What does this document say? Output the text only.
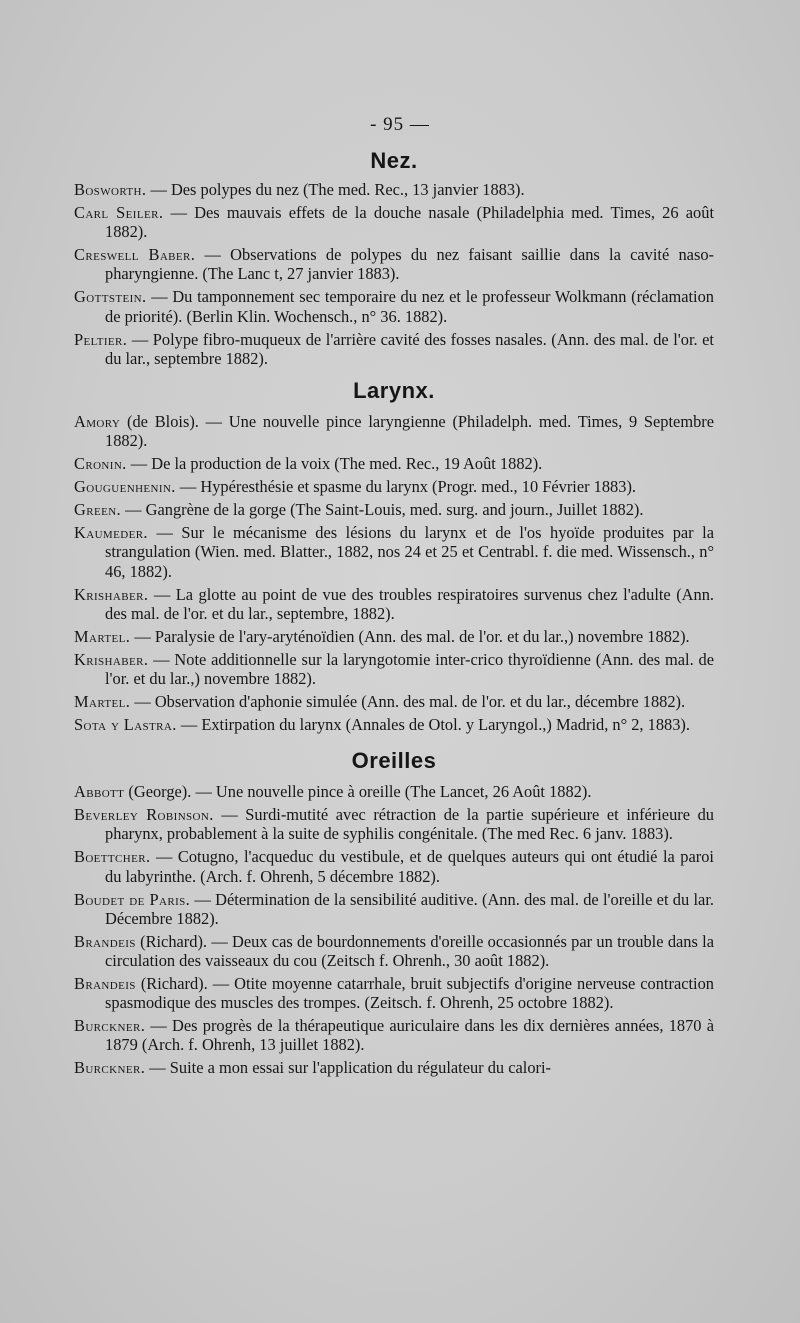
- 95 —
Nez.

Bosworth. — Des polypes du nez (The med. Rec., 13 janvier 1883).

Carl Seiler. — Des mauvais effets de la douche nasale (Philadelphia med. Times, 26 août 1882).

Creswell Baber. — Observations de polypes du nez faisant saillie dans la cavité naso-pharyngienne. (The Lanc t, 27 janvier 1883).

Gottstein. — Du tamponnement sec temporaire du nez et le professeur Wolkmann (réclamation de priorité). (Berlin Klin. Wochensch., n° 36. 1882).

Peltier. — Polype fibro-muqueux de l'arrière cavité des fosses nasales. (Ann. des mal. de l'or. et du lar., septembre 1882).

Larynx.

Amory (de Blois). — Une nouvelle pince laryngienne (Philadelph. med. Times, 9 Septembre 1882).

Cronin. — De la production de la voix (The med. Rec., 19 Août 1882).

Gouguenhenin. — Hypéresthésie et spasme du larynx (Progr. med., 10 Février 1883).

Green. — Gangrène de la gorge (The Saint-Louis, med. surg. and journ., Juillet 1882).

Kaumeder. — Sur le mécanisme des lésions du larynx et de l'os hyoïde produites par la strangulation (Wien. med. Blatter., 1882, nos 24 et 25 et Centrabl. f. die med. Wissensch., n° 46, 1882).

Krishaber. — La glotte au point de vue des troubles respiratoires survenus chez l'adulte (Ann. des mal. de l'or. et du lar., septembre, 1882).

Martel. — Paralysie de l'ary-aryténoïdien (Ann. des mal. de l'or. et du lar.,) novembre 1882).

Krishaber. — Note additionnelle sur la laryngotomie inter-crico thyroïdienne (Ann. des mal. de l'or. et du lar.,) novembre 1882).

Martel. — Observation d'aphonie simulée (Ann. des mal. de l'or. et du lar., décembre 1882).

Sota y Lastra. — Extirpation du larynx (Annales de Otol. y Laryngol.,) Madrid, n° 2, 1883).

Oreilles

Abbott (George). — Une nouvelle pince à oreille (The Lancet, 26 Août 1882).

Beverley Robinson. — Surdi-mutité avec rétraction de la partie supérieure et inférieure du pharynx, probablement à la suite de syphilis congénitale. (The med Rec. 6 janv. 1883).

Boettcher. — Cotugno, l'acqueduc du vestibule, et de quelques auteurs qui ont étudié la paroi du labyrinthe. (Arch. f. Ohrenh, 5 décembre 1882).

Boudet de Paris. — Détermination de la sensibilité auditive. (Ann. des mal. de l'oreille et du lar. Décembre 1882).

Brandeis (Richard). — Deux cas de bourdonnements d'oreille occasionnés par un trouble dans la circulation des vaisseaux du cou (Zeitsch f. Ohrenh., 30 août 1882).

Brandeis (Richard). — Otite moyenne catarrhale, bruit subjectifs d'origine nerveuse contraction spasmodique des muscles des trompes. (Zeitsch. f. Ohrenh, 25 octobre 1882).

Burckner. — Des progrès de la thérapeutique auriculaire dans les dix dernières années, 1870 à 1879 (Arch. f. Ohrenh, 13 juillet 1882).

Burckner. — Suite a mon essai sur l'application du régulateur du calori-
